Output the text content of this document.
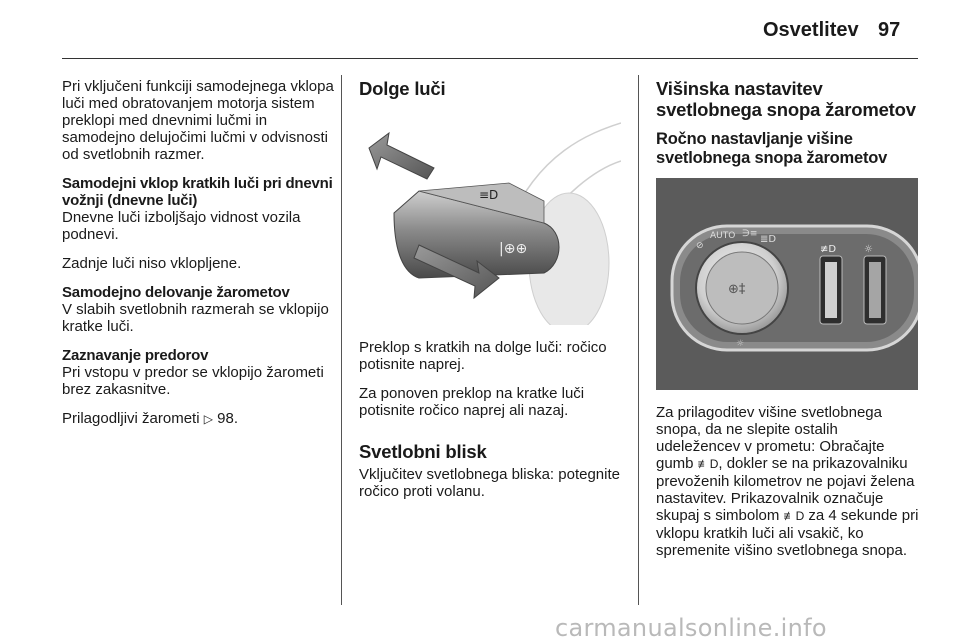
Osvetlitev 97

Pri vključeni funkciji samodejnega vklopa luči med obratovanjem motorja sistem preklopi med dnevnimi lučmi in samodejno delujočimi lučmi v odvisnosti od svetlobnih razmer.

Samodejni vklop kratkih luči pri dnevni vožnji (dnevne luči)

Dnevne luči izboljšajo vidnost vozila podnevi.

Zadnje luči niso vklopljene.

Samodejno delovanje žarometov

V slabih svetlobnih razmerah se vklopijo kratke luči.

Zaznavanje predorov

Pri vstopu v predor se vklopijo žarometi brez zakasnitve.

Prilagodljivi žarometi ▷ 98.

Dolge luči
≡D
|⊕⊕

Preklop s kratkih na dolge luči: ročico potisnite naprej.

Za ponoven preklop na kratke luči potisnite ročico naprej ali nazaj.

Svetlobni blisk

Vključitev svetlobnega bliska: potegnite ročico proti volanu.

Višinska nastavitev svetlobnega snopa žarometov
Ročno nastavljanje višine svetlobnega snopa žarometov
⊕‡
⊘
AUTO ∋≡ ≣D
☼
≢D	☼

Za prilagoditev višine svetlobnega snopa, da ne slepite ostalih udeležencev v prometu: Obračajte gumb ≢D, dokler se na prikazovalniku prevoženih kilometrov ne pojavi želena nastavitev. Prikazovalnik označuje skupaj s simbolom ≢D za 4 sekunde pri vklopu kratkih luči ali vsakič, ko spremenite višino svetlobnega snopa.

carmanualsonline.info
